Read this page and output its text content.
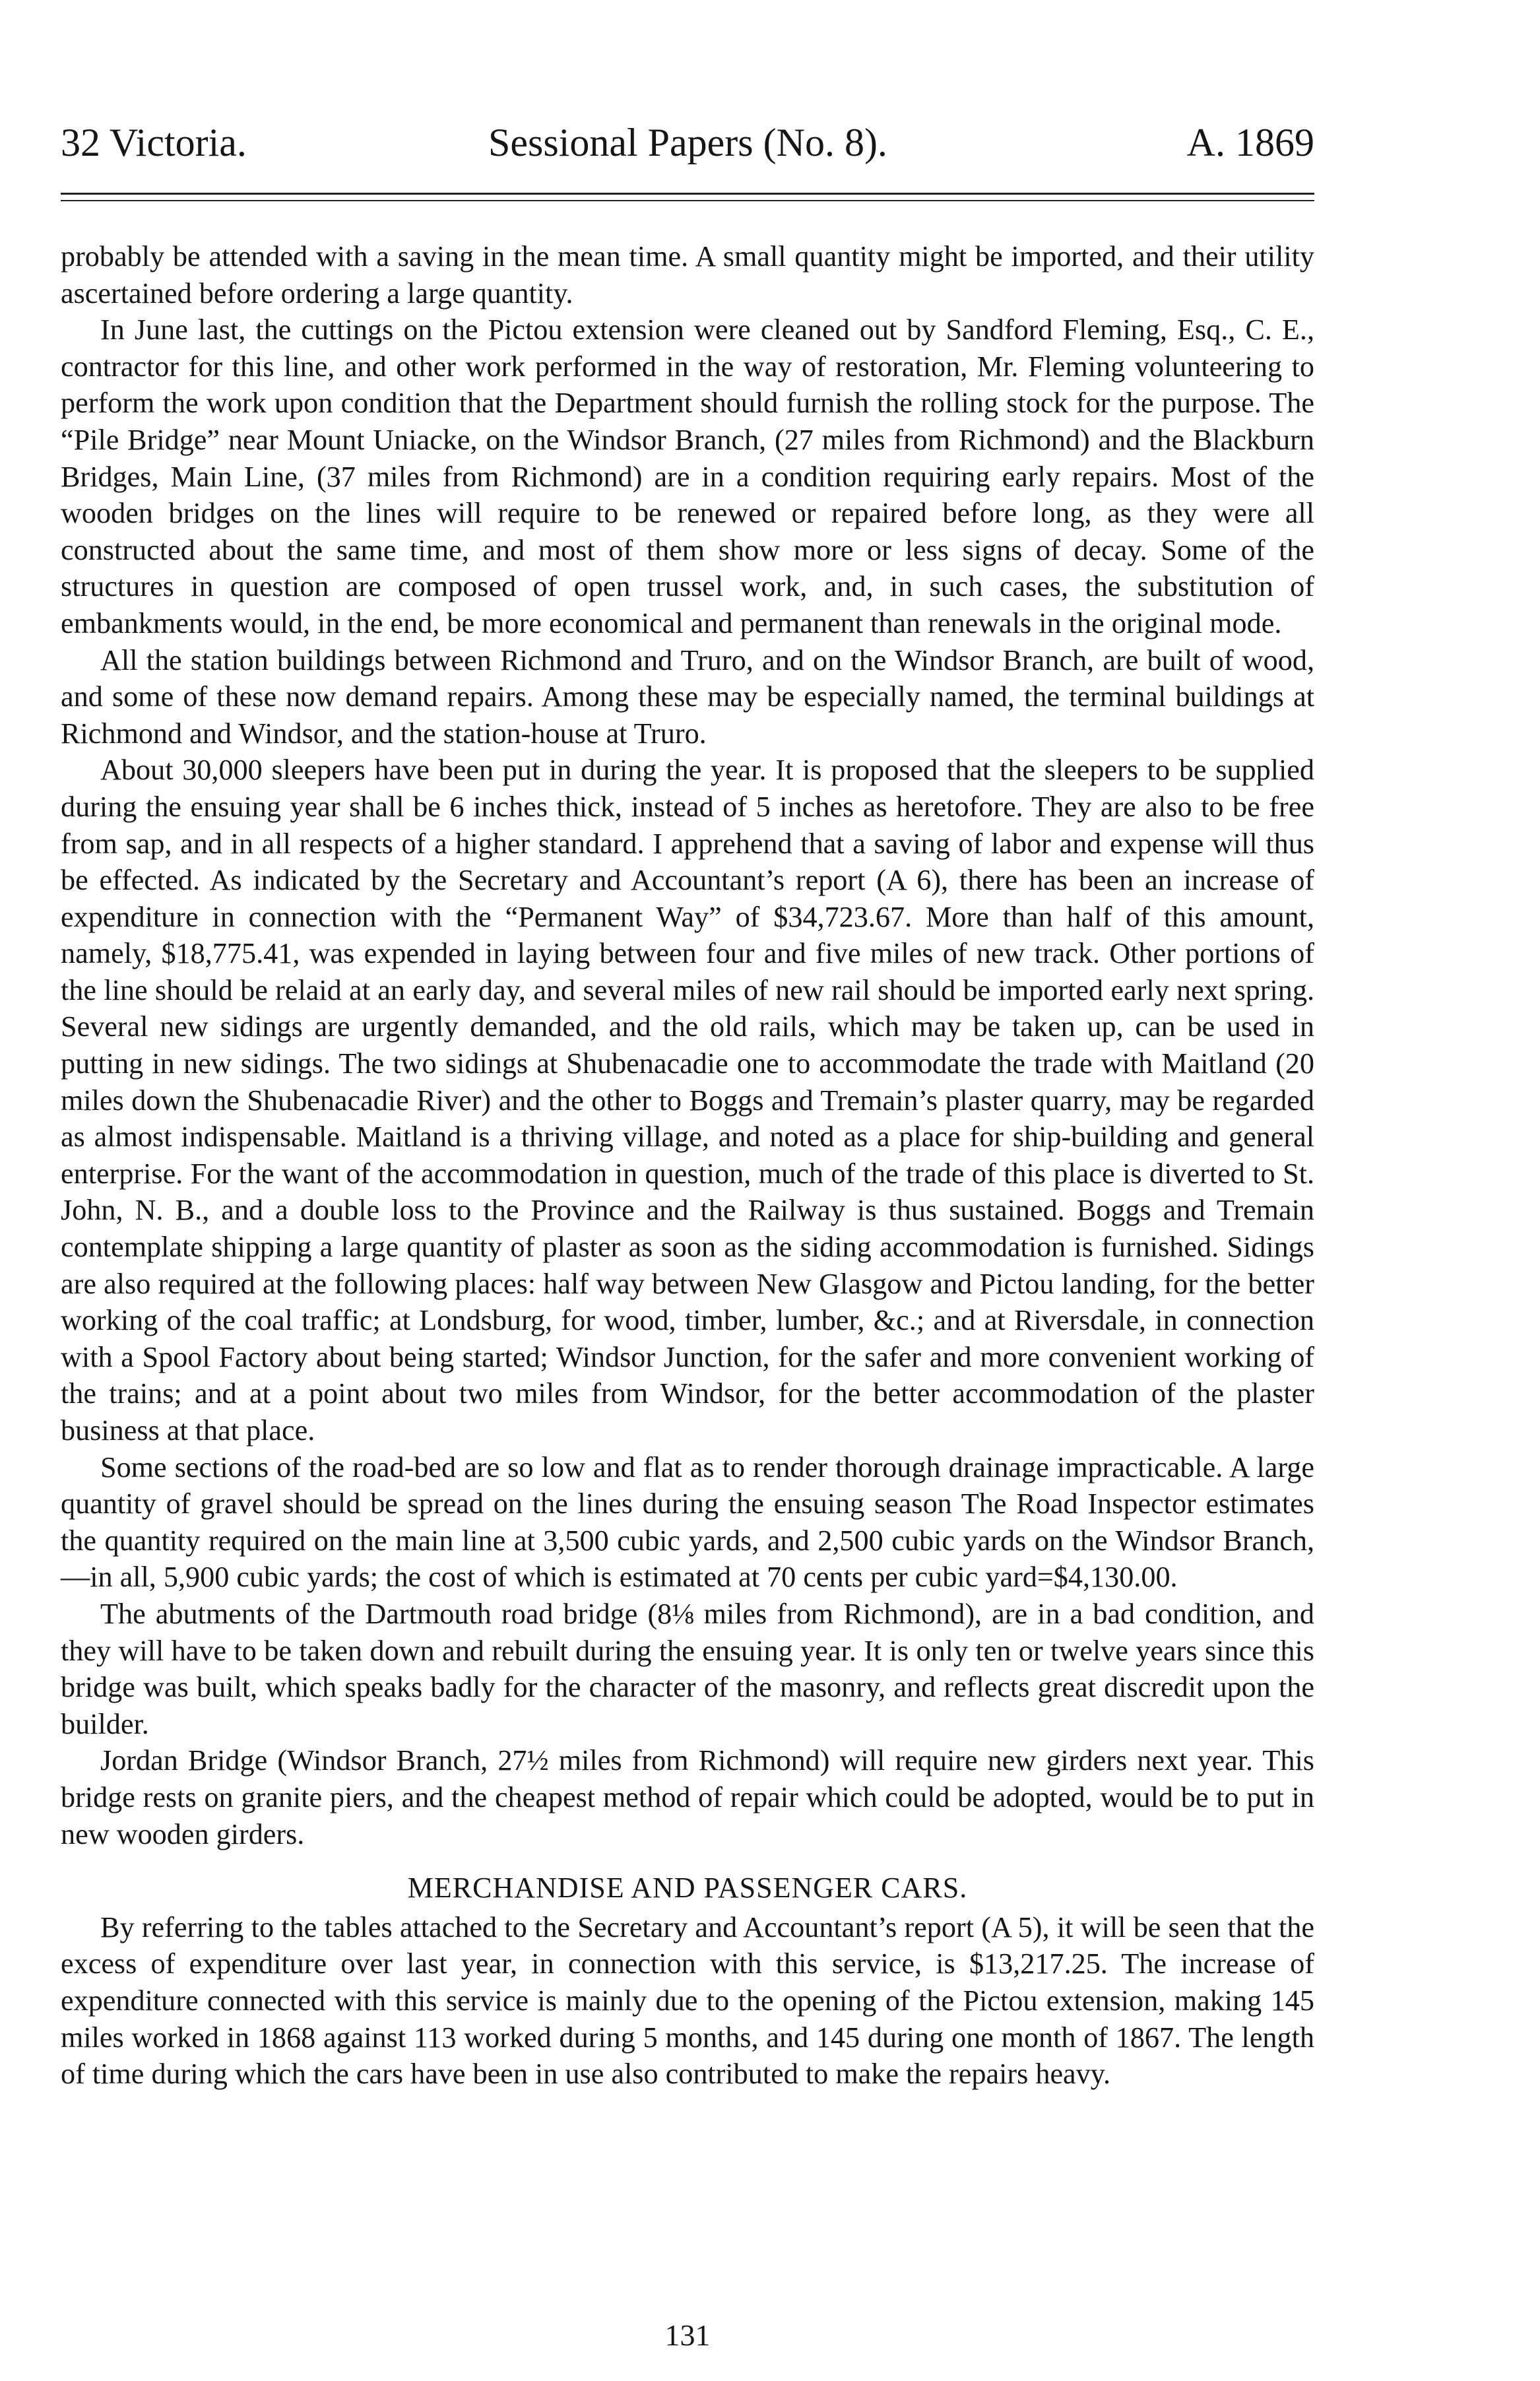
32 Victoria.	Sessional Papers (No. 8).	A. 1869

probably be attended with a saving in the mean time. A small quantity might be imported, and their utility ascertained before ordering a large quantity.

In June last, the cuttings on the Pictou extension were cleaned out by Sandford Fleming, Esq., C. E., contractor for this line, and other work performed in the way of restoration, Mr. Fleming volunteering to perform the work upon condition that the Department should furnish the rolling stock for the purpose. The “Pile Bridge” near Mount Uniacke, on the Windsor Branch, (27 miles from Richmond) and the Blackburn Bridges, Main Line, (37 miles from Richmond) are in a condition requiring early repairs. Most of the wooden bridges on the lines will require to be renewed or repaired before long, as they were all constructed about the same time, and most of them show more or less signs of decay. Some of the structures in question are composed of open trussel work, and, in such cases, the substitution of embankments would, in the end, be more economical and permanent than renewals in the original mode.

All the station buildings between Richmond and Truro, and on the Windsor Branch, are built of wood, and some of these now demand repairs. Among these may be especially named, the terminal buildings at Richmond and Windsor, and the station-house at Truro.

About 30,000 sleepers have been put in during the year. It is proposed that the sleepers to be supplied during the ensuing year shall be 6 inches thick, instead of 5 inches as heretofore. They are also to be free from sap, and in all respects of a higher standard. I apprehend that a saving of labor and expense will thus be effected. As indicated by the Secretary and Accountant’s report (A 6), there has been an increase of expenditure in connection with the “Permanent Way” of $34,723.67. More than half of this amount, namely, $18,775.41, was expended in laying between four and five miles of new track. Other portions of the line should be relaid at an early day, and several miles of new rail should be imported early next spring. Several new sidings are urgently demanded, and the old rails, which may be taken up, can be used in putting in new sidings. The two sidings at Shubenacadie one to accommodate the trade with Maitland (20 miles down the Shubenacadie River) and the other to Boggs and Tremain’s plaster quarry, may be regarded as almost indispensable. Maitland is a thriving village, and noted as a place for ship-building and general enterprise. For the want of the accommodation in question, much of the trade of this place is diverted to St. John, N. B., and a double loss to the Province and the Railway is thus sustained. Boggs and Tremain contemplate shipping a large quantity of plaster as soon as the siding accommodation is furnished. Sidings are also required at the following places: half way between New Glasgow and Pictou landing, for the better working of the coal traffic; at Londsburg, for wood, timber, lumber, &c.; and at Riversdale, in connection with a Spool Factory about being started; Windsor Junction, for the safer and more convenient working of the trains; and at a point about two miles from Windsor, for the better accommodation of the plaster business at that place.

Some sections of the road-bed are so low and flat as to render thorough drainage impracticable. A large quantity of gravel should be spread on the lines during the ensuing season The Road Inspector estimates the quantity required on the main line at 3,500 cubic yards, and 2,500 cubic yards on the Windsor Branch,—in all, 5,900 cubic yards; the cost of which is estimated at 70 cents per cubic yard=$4,130.00.

The abutments of the Dartmouth road bridge (8⅛ miles from Richmond), are in a bad condition, and they will have to be taken down and rebuilt during the ensuing year. It is only ten or twelve years since this bridge was built, which speaks badly for the character of the masonry, and reflects great discredit upon the builder.

Jordan Bridge (Windsor Branch, 27½ miles from Richmond) will require new girders next year. This bridge rests on granite piers, and the cheapest method of repair which could be adopted, would be to put in new wooden girders.

MERCHANDISE AND PASSENGER CARS.

By referring to the tables attached to the Secretary and Accountant’s report (A 5), it will be seen that the excess of expenditure over last year, in connection with this service, is $13,217.25. The increase of expenditure connected with this service is mainly due to the opening of the Pictou extension, making 145 miles worked in 1868 against 113 worked during 5 months, and 145 during one month of 1867. The length of time during which the cars have been in use also contributed to make the repairs heavy.

131
